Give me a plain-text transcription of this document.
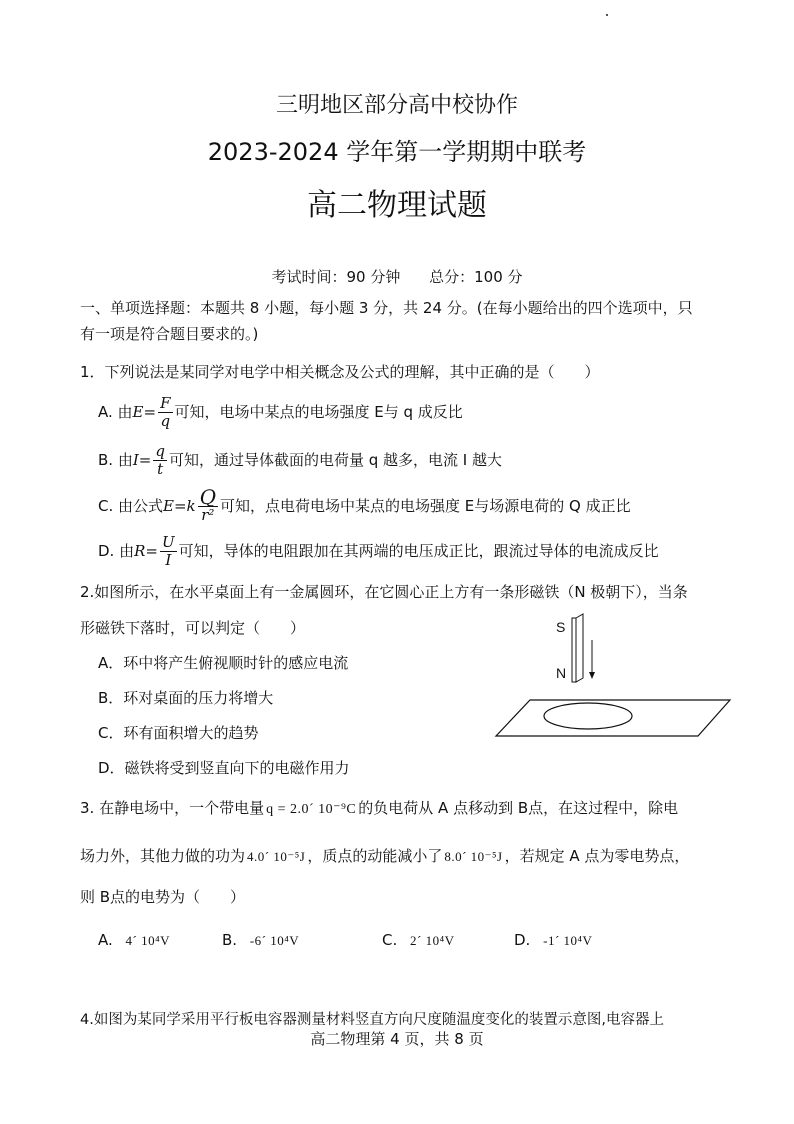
三明地区部分高中校协作
2023-2024 学年第一学期期中联考
高二物理试题
考试时间：90 分钟 总分：100 分
一、单项选择题：本题共 8 小题，每小题 3 分，共 24 分。(在每小题给出的四个选项中，只
有一项是符合题目要求的。)
1．下列说法是某同学对电学中相关概念及公式的理解，其中正确的是（　　）
A. 由 $E= \frac{F}{q}$ 可知，电场中某点的电场强度 E与 q 成反比
B. 由 $I= \frac{q}{t}$ 可知，通过导体截面的电荷量 q 越多，电流 I 越大
C. 由公式 $E=k \frac{Q}{\text{r²}}$ 可知，点电荷电场中某点的电场强度 E与场源电荷的 Q 成正比
D. 由 $R= \frac{U}{I}$ 可知，导体的电阻跟加在其两端的电压成正比，跟流过导体的电流成反比
2.如图所示，在水平桌面上有一金属圆环，在它圆心正上方有一条形磁铁（N 极朝下），当条
形磁铁下落时，可以判定（　　）
A．环中将产生俯视顺时针的感应电流
B．环对桌面的压力将增大
C．环有面积增大的趋势
D．磁铁将受到竖直向下的电磁作用力
S
N
3. 在静电场中，一个带电量 q = 2.0´ 10⁻⁹C 的负电荷从 A 点移动到 B点，在这过程中，除电
场力外，其他力做的功为 4.0´ 10⁻⁵J ，质点的动能减小了 8.0´ 10⁻⁵J ，若规定 A 点为零电势点，
则 B点的电势为（　　）
A. 4´ 10⁴V	B. -6´ 10⁴V	C. 2´ 10⁴V	D. -1´ 10⁴V
4.如图为某同学采用平行板电容器测量材料竖直方向尺度随温度变化的装置示意图,电容器上
高二物理第 4 页，共 8 页
